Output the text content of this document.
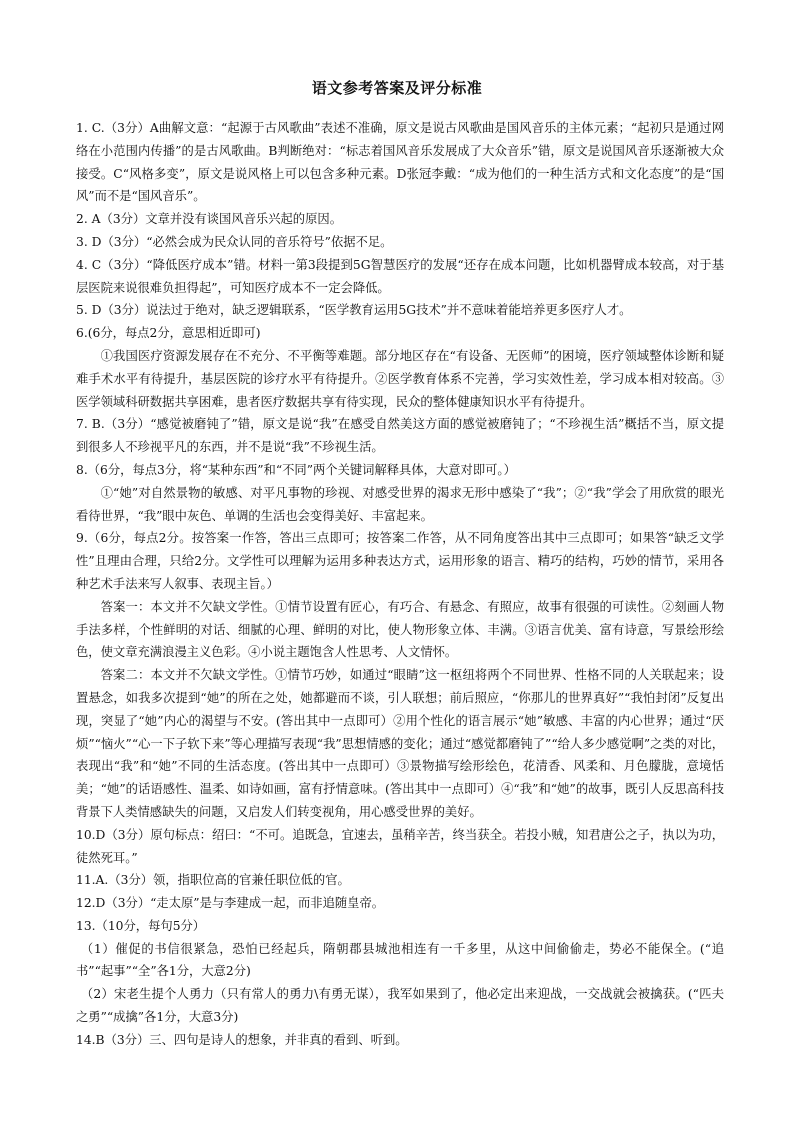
语文参考答案及评分标准

1. C.（3分）A曲解文意：“起源于古风歌曲”表述不准确，原文是说古风歌曲是国风音乐的主体元素；“起初只是通过网络在小范围内传播”的是古风歌曲。B判断绝对：“标志着国风音乐发展成了大众音乐”错，原文是说国风音乐逐渐被大众接受。C“风格多变”，原文是说风格上可以包含多种元素。D张冠李戴：“成为他们的一种生活方式和文化态度”的是“国风”而不是“国风音乐”。

2. A（3分）文章并没有谈国风音乐兴起的原因。

3. D（3分）“必然会成为民众认同的音乐符号”依据不足。

4. C（3分）“降低医疗成本”错。材料一第3段提到5G智慧医疗的发展“还存在成本问题，比如机器臂成本较高，对于基层医院来说很难负担得起”，可知医疗成本不一定会降低。

5. D（3分）说法过于绝对，缺乏逻辑联系，“医学教育运用5G技术”并不意味着能培养更多医疗人才。

6.(6分，每点2分，意思相近即可)

①我国医疗资源发展存在不充分、不平衡等难题。部分地区存在“有设备、无医师”的困境，医疗领域整体诊断和疑难手术水平有待提升，基层医院的诊疗水平有待提升。②医学教育体系不完善，学习实效性差，学习成本相对较高。③医学领域科研数据共享困难，患者医疗数据共享有待实现，民众的整体健康知识水平有待提升。

7. B.（3分）“感觉被磨钝了”错，原文是说“我”在感受自然美这方面的感觉被磨钝了；“不珍视生活”概括不当，原文提到很多人不珍视平凡的东西，并不是说“我”不珍视生活。

8.（6分，每点3分，将“某种东西”和“不同”两个关键词解释具体，大意对即可。）

①“她”对自然景物的敏感、对平凡事物的珍视、对感受世界的渴求无形中感染了“我”；②“我”学会了用欣赏的眼光看待世界，“我”眼中灰色、单调的生活也会变得美好、丰富起来。

9.（6分，每点2分。按答案一作答，答出三点即可；按答案二作答，从不同角度答出其中三点即可；如果答“缺乏文学性”且理由合理，只给2分。文学性可以理解为运用多种表达方式，运用形象的语言、精巧的结构，巧妙的情节，采用各种艺术手法来写人叙事、表现主旨。）

答案一：本文并不欠缺文学性。①情节设置有匠心，有巧合、有悬念、有照应，故事有很强的可读性。②刻画人物手法多样，个性鲜明的对话、细腻的心理、鲜明的对比，使人物形象立体、丰满。③语言优美、富有诗意，写景绘形绘色，使文章充满浪漫主义色彩。④小说主题饱含人性思考、人文情怀。

答案二：本文并不欠缺文学性。①情节巧妙，如通过“眼睛”这一枢纽将两个不同世界、性格不同的人关联起来；设置悬念，如我多次提到“她”的所在之处，她都避而不谈，引人联想；前后照应，“你那儿的世界真好”“我怕封闭”反复出现，突显了“她”内心的渴望与不安。(答出其中一点即可）②用个性化的语言展示“她”敏感、丰富的内心世界；通过“厌烦”“恼火”“心一下子软下来”等心理描写表现“我”思想情感的变化；通过“感觉都磨钝了”“给人多少感觉啊”之类的对比，表现出“我”和“她”不同的生活态度。(答出其中一点即可）③景物描写绘形绘色，花清香、风柔和、月色朦胧，意境恬美；“她”的话语感性、温柔、如诗如画，富有抒情意味。(答出其中一点即可）④“我”和“她”的故事，既引人反思高科技背景下人类情感缺失的问题，又启发人们转变视角，用心感受世界的美好。

10.D（3分）原句标点：绍曰：“不可。追既急，宜速去，虽稍辛苦，终当获全。若投小贼，知君唐公之子，执以为功，徒然死耳。”

11.A.（3分）领，指职位高的官兼任职位低的官。

12.D（3分）“走太原”是与李建成一起，而非追随皇帝。

13.（10分，每句5分）

（1）催促的书信很紧急，恐怕已经起兵，隋朝郡县城池相连有一千多里，从这中间偷偷走，势必不能保全。(“追书”“起事”“全”各1分，大意2分)

（2）宋老生提个人勇力（只有常人的勇力\有勇无谋），我军如果到了，他必定出来迎战，一交战就会被擒获。(“匹夫之勇”“成擒”各1分，大意3分)

14.B（3分）三、四句是诗人的想象，并非真的看到、听到。
